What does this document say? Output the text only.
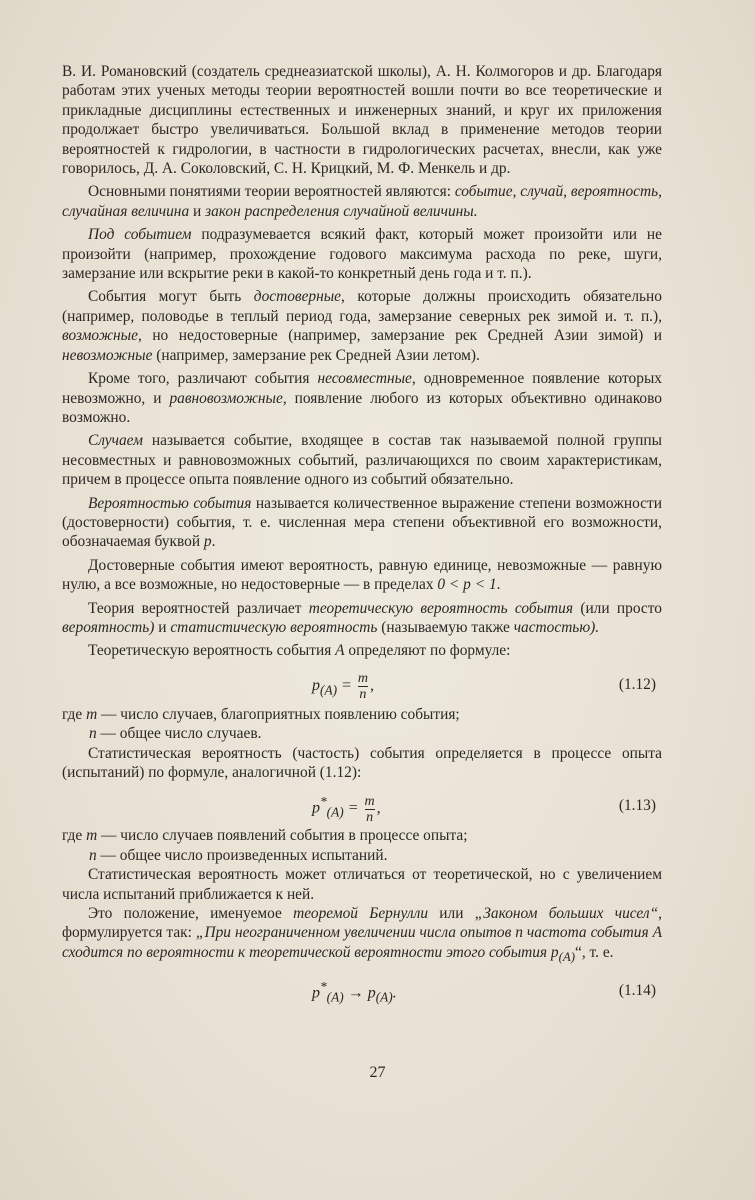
В. И. Романовский (создатель среднеазиатской школы), А. Н. Колмогоров и др. Благодаря работам этих ученых методы теории вероятностей вошли почти во все теоретические и прикладные дисциплины естественных и инженерных знаний, и круг их приложения продолжает быстро увеличиваться. Большой вклад в применение методов теории вероятностей к гидрологии, в частности в гидрологических расчетах, внесли, как уже говорилось, Д. А. Соколовский, С. Н. Крицкий, М. Ф. Менкель и др.

Основными понятиями теории вероятностей являются: событие, случай, вероятность, случайная величина и закон распределения случайной величины.

Под событием подразумевается всякий факт, который может произойти или не произойти (например, прохождение годового максимума расхода по реке, шуги, замерзание или вскрытие реки в какой-то конкретный день года и т. п.).

События могут быть достоверные, которые должны происходить обязательно (например, половодье в теплый период года, замерзание северных рек зимой и. т. п.), возможные, но недостоверные (например, замерзание рек Средней Азии зимой) и невозможные (например, замерзание рек Средней Азии летом).

Кроме того, различают события несовместные, одновременное появление которых невозможно, и равновозможные, появление любого из которых объективно одинаково возможно.

Случаем называется событие, входящее в состав так называемой полной группы несовместных и равновозможных событий, различающихся по своим характеристикам, причем в процессе опыта появление одного из событий обязательно.

Вероятностью события называется количественное выражение степени возможности (достоверности) события, т. е. численная мера степени объективной его возможности, обозначаемая буквой p.

Достоверные события имеют вероятность, равную единице, невозможные — равную нулю, а все возможные, но недостоверные — в пределах 0 < p < 1.

Теория вероятностей различает теоретическую вероятность события (или просто вероятность) и статистическую вероятность (называемую также частостью).

Теоретическую вероятность события A определяют по формуле:

$p_{(A)} = \frac{m}{n}$ ,	(1.12)

где m — число случаев, благоприятных появлению события;

n — общее число случаев.

Статистическая вероятность (частость) события определяется в процессе опыта (испытаний) по формуле, аналогичной (1.12):

$p^*_{(A)} = \frac{m}{n}$ ,	(1.13)

где m — число случаев появлений события в процессе опыта;

n — общее число произведенных испытаний.

Статистическая вероятность может отличаться от теоретической, но с увеличением числа испытаний приближается к ней.

Это положение, именуемое теоремой Бернулли или „Законом больших чисел“, формулируется так: „При неограниченном увеличении числа опытов n частота события A сходится по вероятности к теоретической вероятности этого события $p_{(A)}“$, т. е.

$p^*_{(A)} \to p_{(A)}$.	(1.14)
27
